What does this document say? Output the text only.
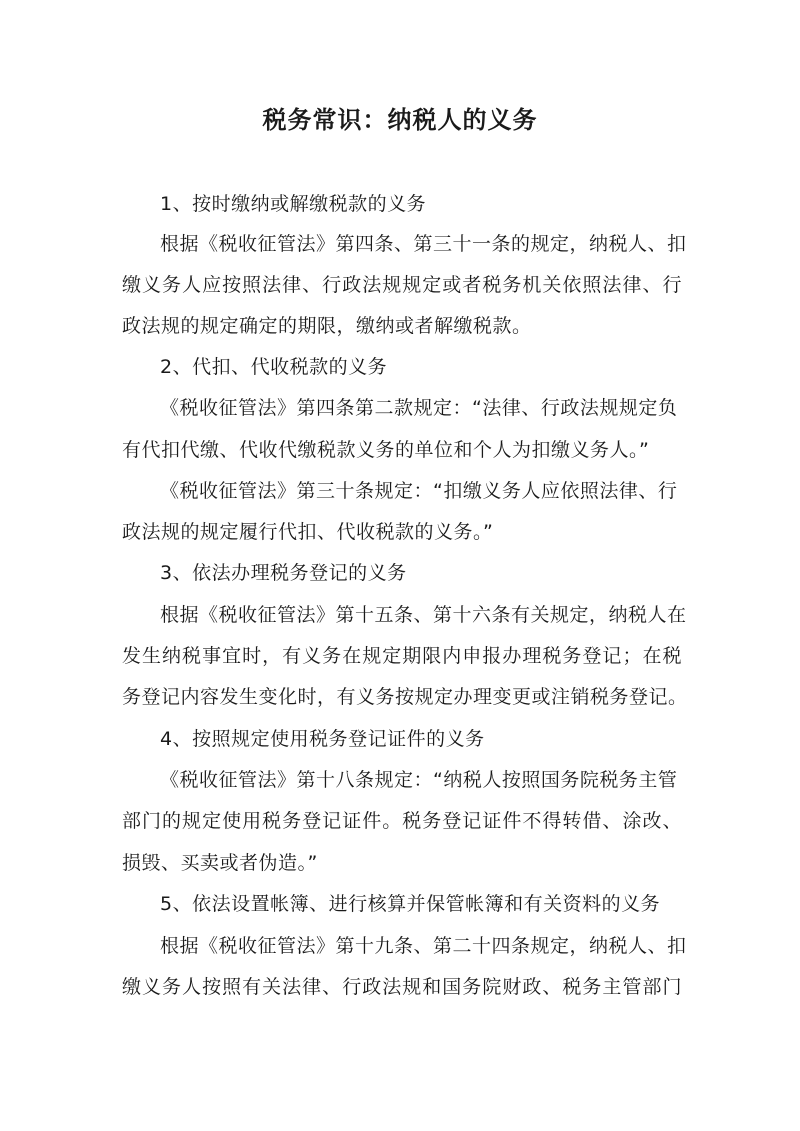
税务常识：纳税人的义务
1、按时缴纳或解缴税款的义务
根据《税收征管法》第四条、第三十一条的规定，纳税人、扣
缴义务人应按照法律、行政法规规定或者税务机关依照法律、行
政法规的规定确定的期限，缴纳或者解缴税款。
2、代扣、代收税款的义务
《税收征管法》第四条第二款规定：“法律、行政法规规定负
有代扣代缴、代收代缴税款义务的单位和个人为扣缴义务人。”
《税收征管法》第三十条规定：“扣缴义务人应依照法律、行
政法规的规定履行代扣、代收税款的义务。”
3、依法办理税务登记的义务
根据《税收征管法》第十五条、第十六条有关规定，纳税人在
发生纳税事宜时，有义务在规定期限内申报办理税务登记；在税
务登记内容发生变化时，有义务按规定办理变更或注销税务登记。
4、按照规定使用税务登记证件的义务
《税收征管法》第十八条规定：“纳税人按照国务院税务主管
部门的规定使用税务登记证件。税务登记证件不得转借、涂改、
损毁、买卖或者伪造。”
5、依法设置帐簿、进行核算并保管帐簿和有关资料的义务
根据《税收征管法》第十九条、第二十四条规定，纳税人、扣
缴义务人按照有关法律、行政法规和国务院财政、税务主管部门
